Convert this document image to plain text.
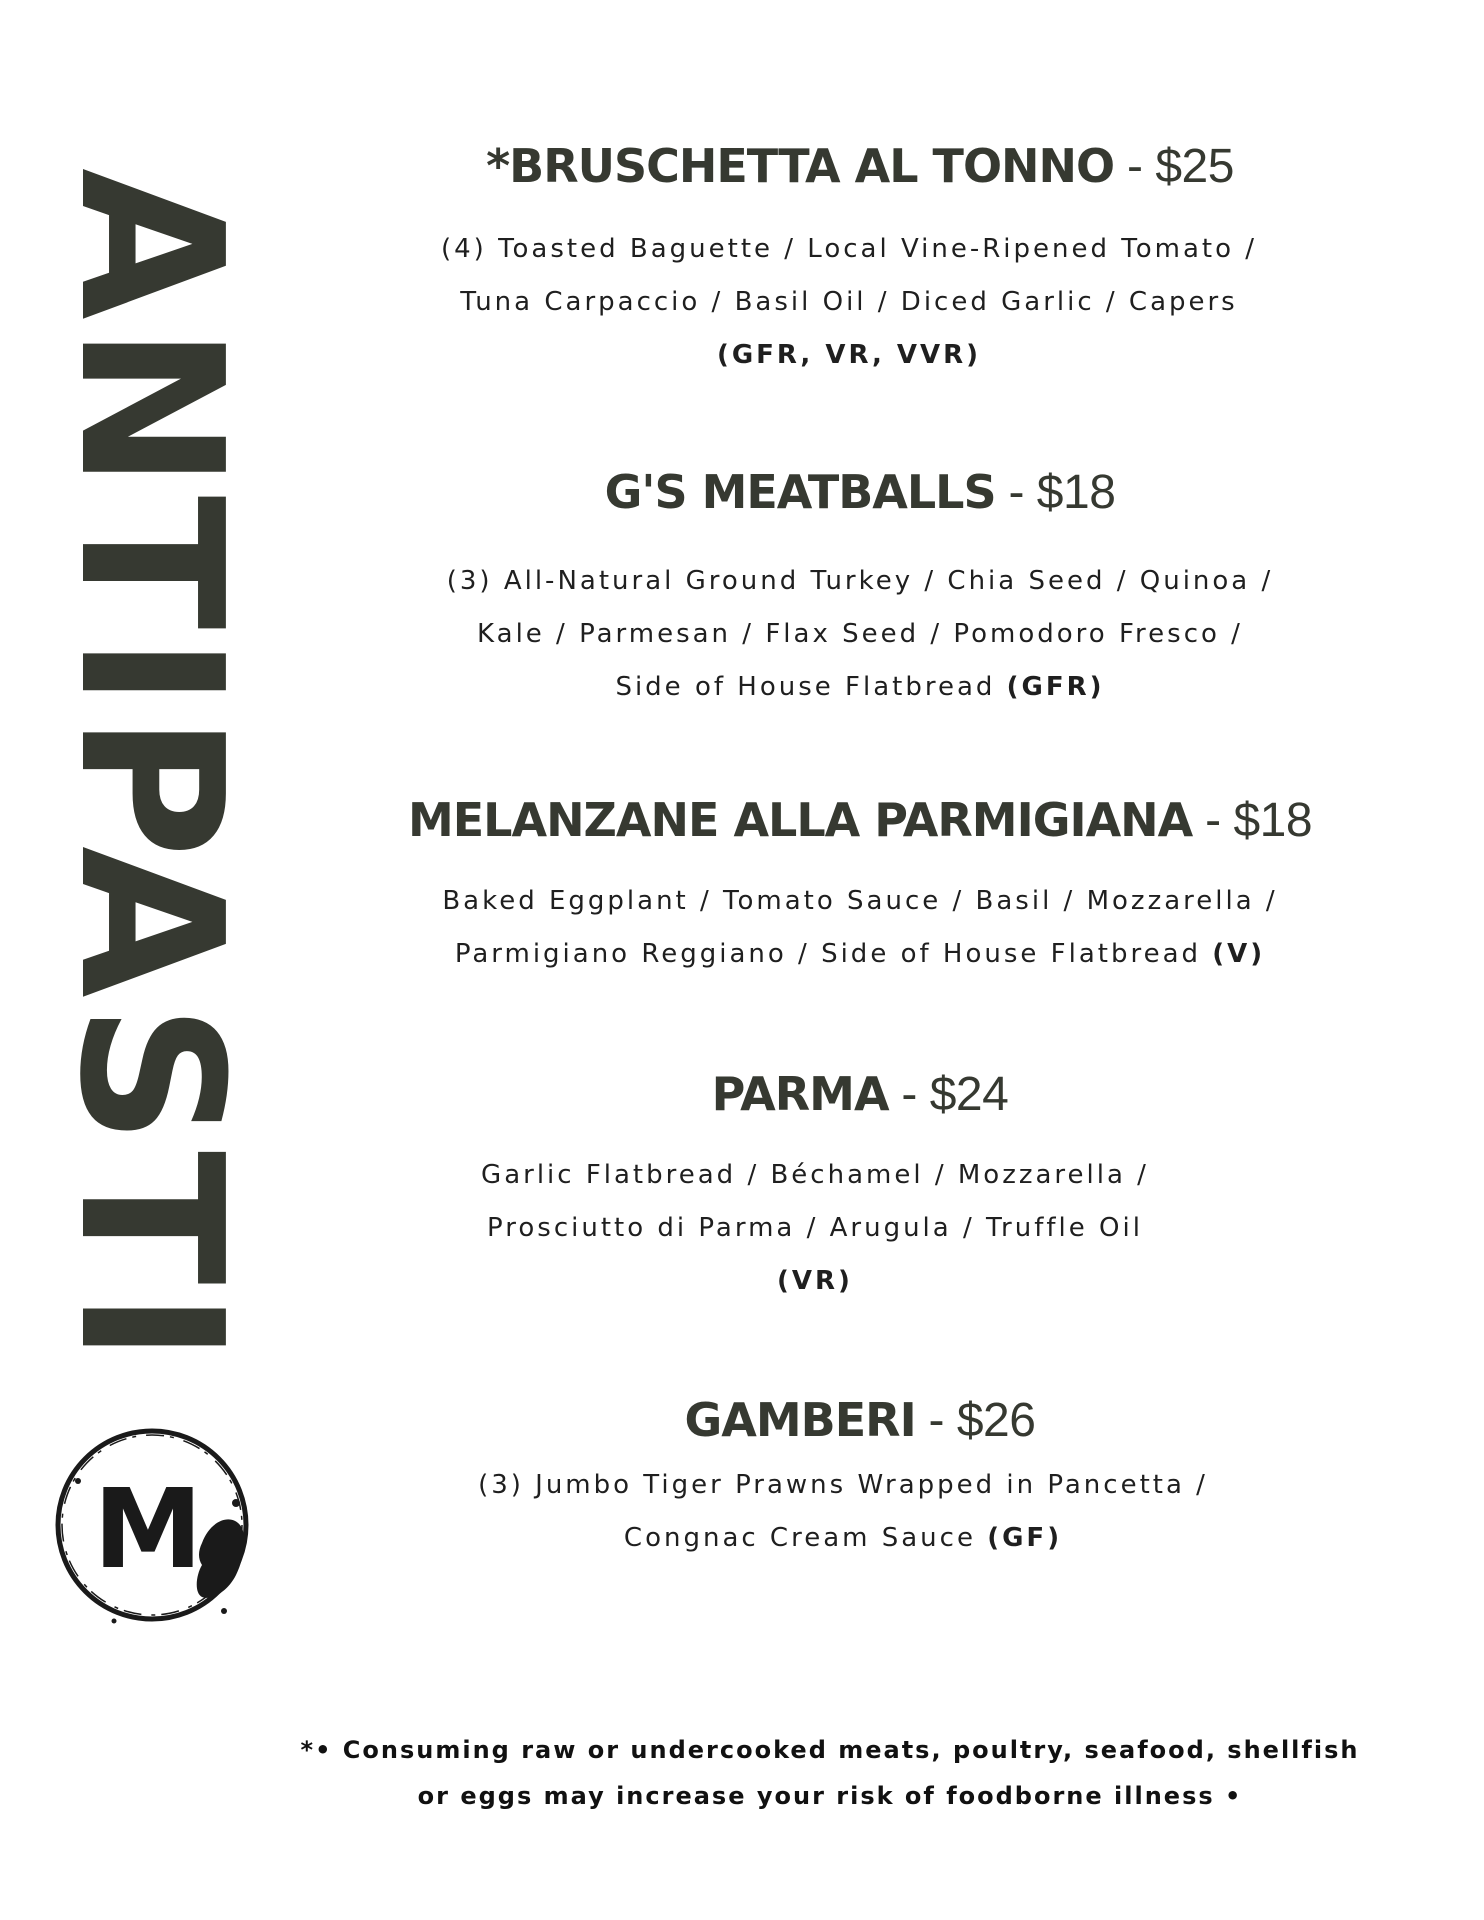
ANTIPASTI
M
*BRUSCHETTA AL TONNO - $25
(4) Toasted Baguette / Local Vine-Ripened Tomato /
Tuna Carpaccio / Basil Oil / Diced Garlic / Capers
(GFR, VR, VVR)
G'S MEATBALLS - $18
(3) All-Natural Ground Turkey / Chia Seed / Quinoa /
Kale / Parmesan / Flax Seed / Pomodoro Fresco /
Side of House Flatbread (GFR)
MELANZANE ALLA PARMIGIANA - $18
Baked Eggplant / Tomato Sauce / Basil / Mozzarella /
Parmigiano Reggiano / Side of House Flatbread (V)
PARMA - $24
Garlic Flatbread / Béchamel / Mozzarella /
Prosciutto di Parma / Arugula / Truffle Oil
(VR)
GAMBERI - $26
(3) Jumbo Tiger Prawns Wrapped in Pancetta /
Congnac Cream Sauce (GF)
*• Consuming raw or undercooked meats, poultry, seafood, shellfish
or eggs may increase your risk of foodborne illness •
